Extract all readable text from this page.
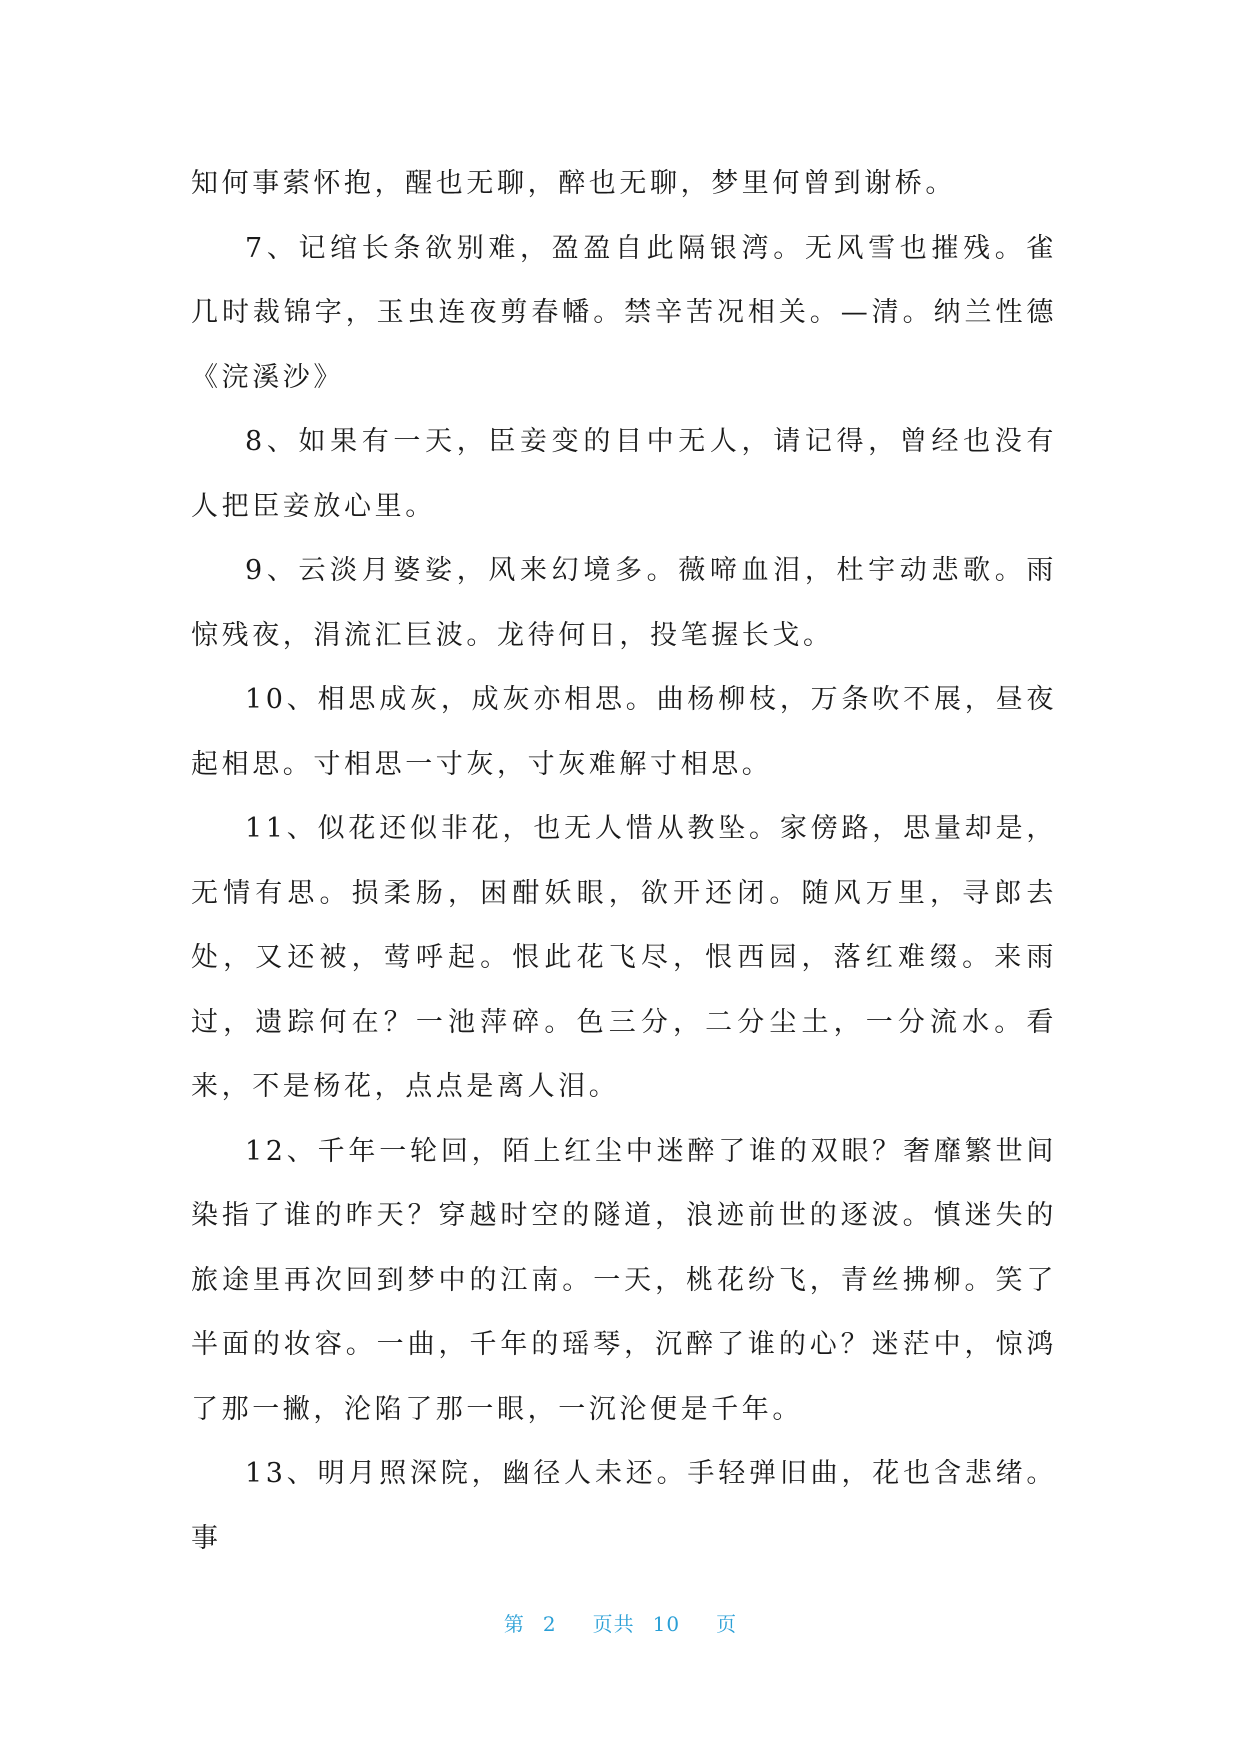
知何事萦怀抱，醒也无聊，醉也无聊，梦里何曾到谢桥。

7、记绾长条欲别难，盈盈自此隔银湾。无风雪也摧残。雀几时裁锦字，玉虫连夜剪春幡。禁辛苦况相关。—清。纳兰性德《浣溪沙》

8、如果有一天，臣妾变的目中无人，请记得，曾经也没有人把臣妾放心里。

9、云淡月婆娑，风来幻境多。薇啼血泪，杜宇动悲歌。雨惊残夜，涓流汇巨波。龙待何日，投笔握长戈。

10、相思成灰，成灰亦相思。曲杨柳枝，万条吹不展，昼夜起相思。寸相思一寸灰，寸灰难解寸相思。

11、似花还似非花，也无人惜从教坠。家傍路，思量却是，无情有思。损柔肠，困酣妖眼，欲开还闭。随风万里，寻郎去处，又还被，莺呼起。恨此花飞尽，恨西园，落红难缀。来雨过，遗踪何在？一池萍碎。色三分，二分尘土，一分流水。看来，不是杨花，点点是离人泪。

12、千年一轮回，陌上红尘中迷醉了谁的双眼？奢靡繁世间染指了谁的昨天？穿越时空的隧道，浪迹前世的逐波。慎迷失的旅途里再次回到梦中的江南。一天，桃花纷飞，青丝拂柳。笑了半面的妆容。一曲，千年的瑶琴，沉醉了谁的心？迷茫中，惊鸿了那一撇，沦陷了那一眼，一沉沦便是千年。

13、明月照深院，幽径人未还。手轻弹旧曲，花也含悲绪。事

第 2 页共 10 页
